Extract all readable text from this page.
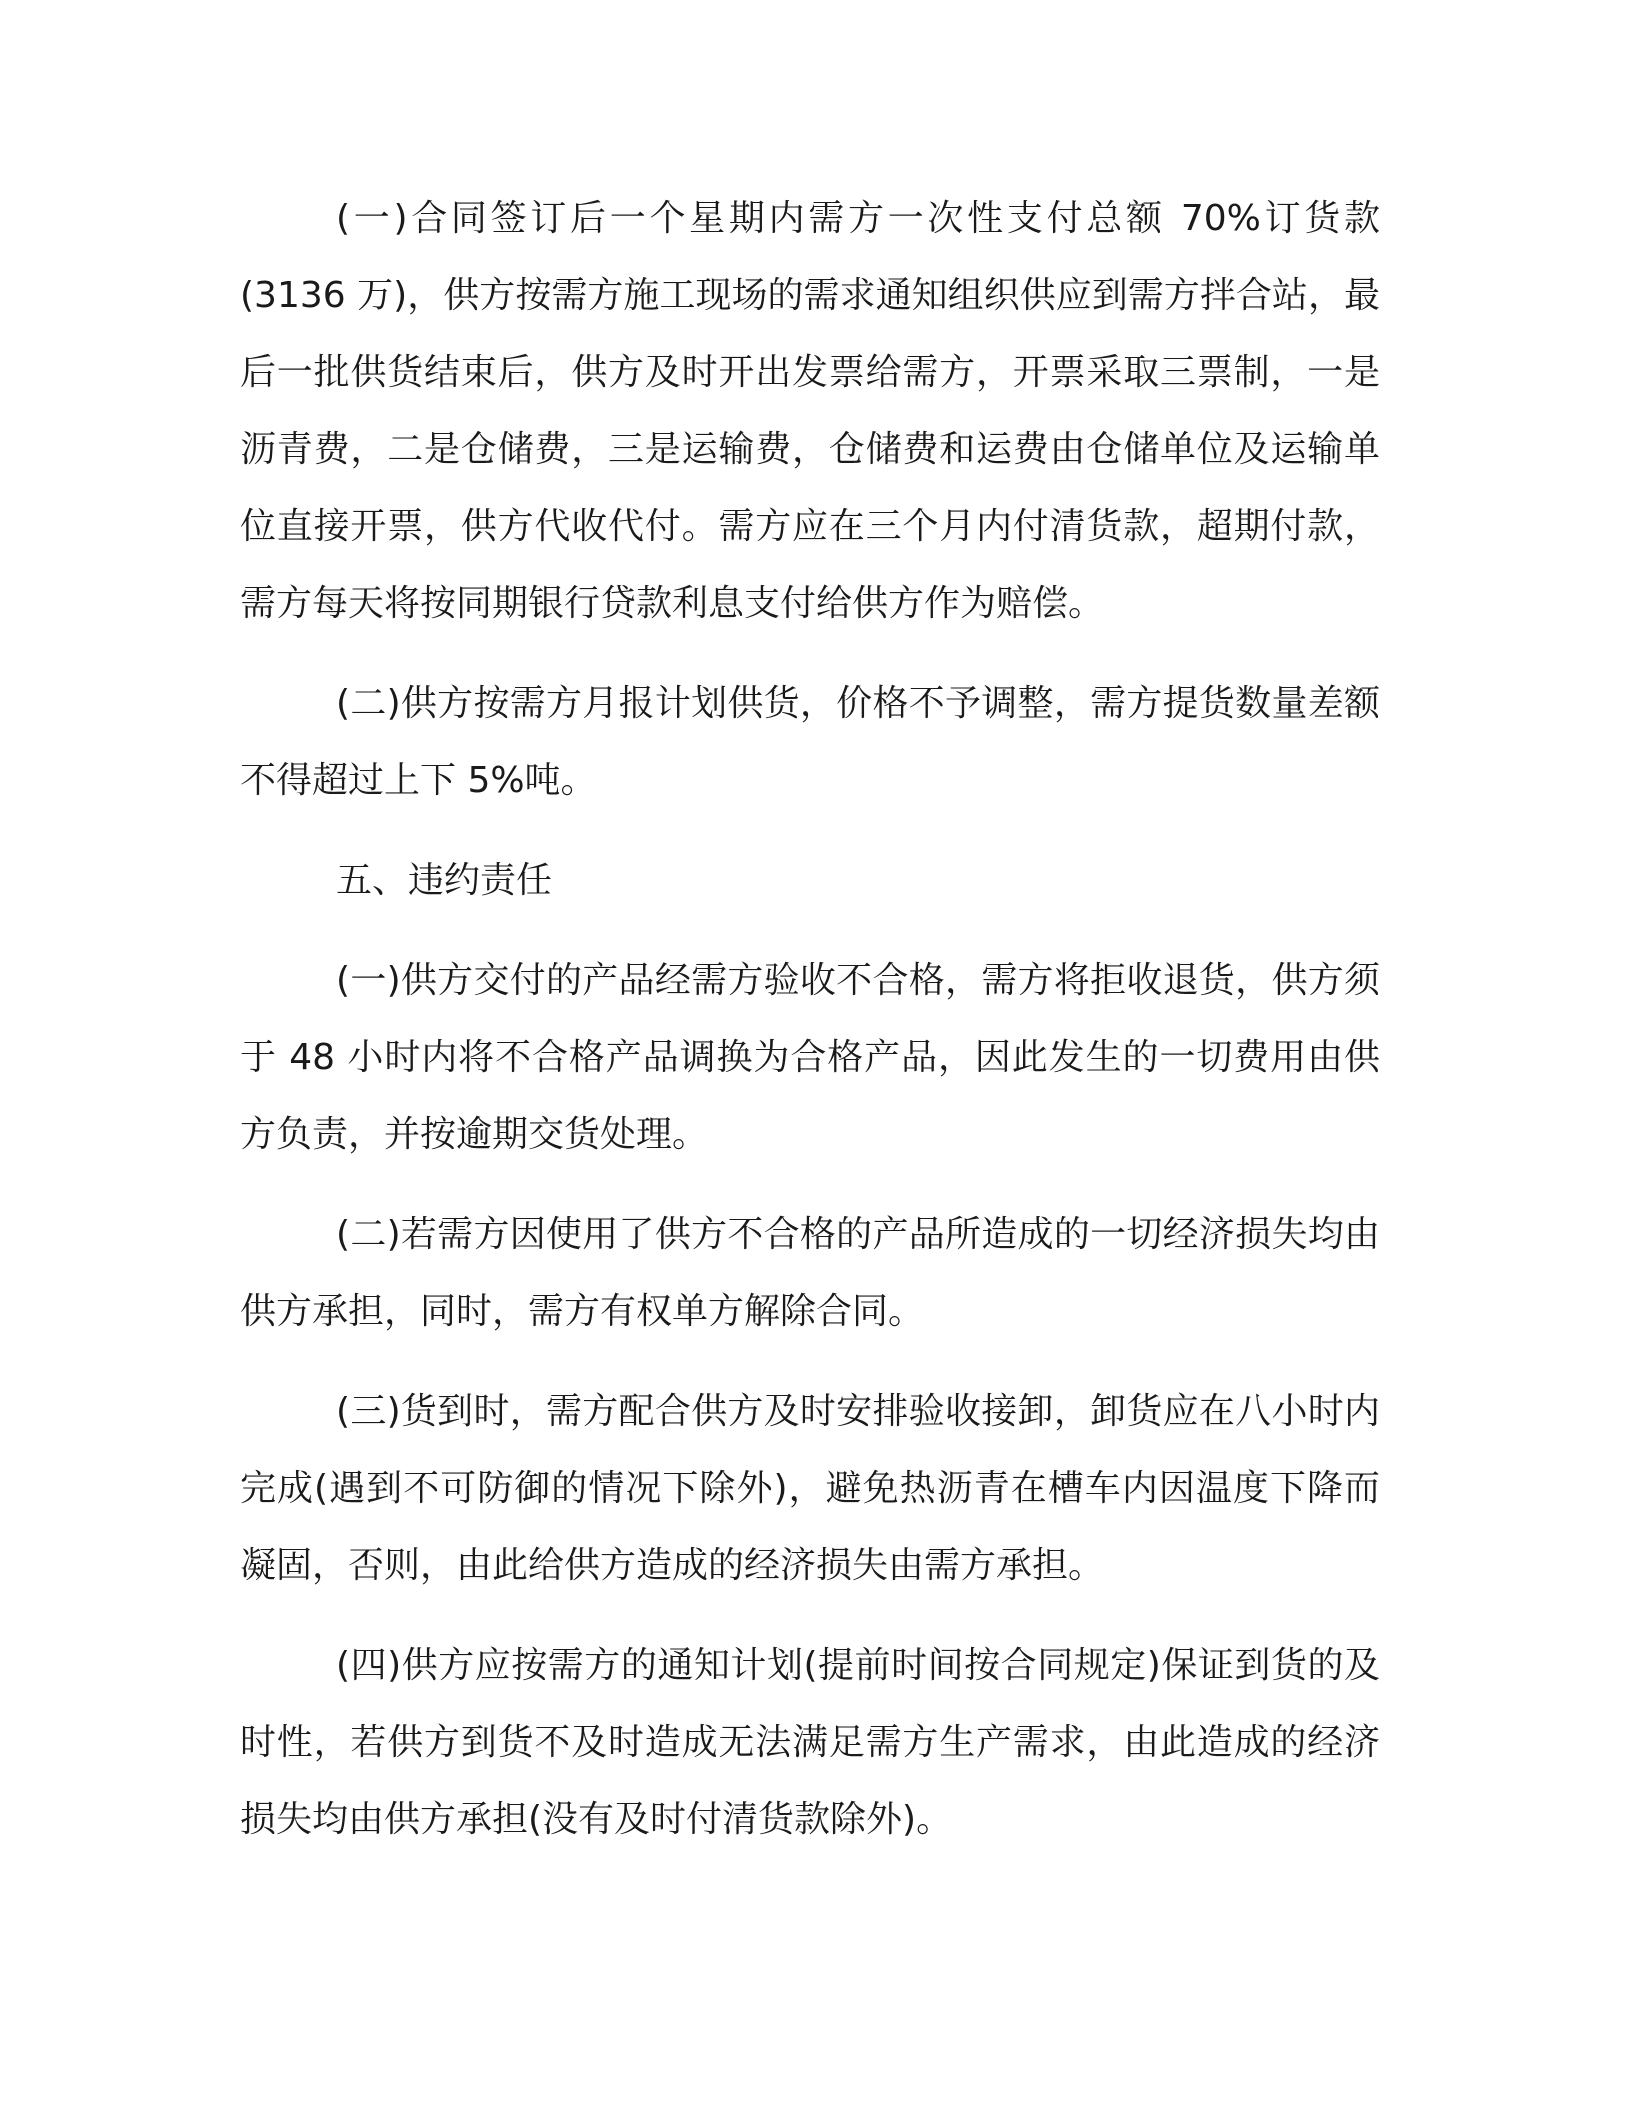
(一)合同签订后一个星期内需方一次性支付总额 70%订货款(3136 万)，供方按需方施工现场的需求通知组织供应到需方拌合站，最后一批供货结束后，供方及时开出发票给需方，开票采取三票制，一是沥青费，二是仓储费，三是运输费，仓储费和运费由仓储单位及运输单位直接开票，供方代收代付。需方应在三个月内付清货款，超期付款，需方每天将按同期银行贷款利息支付给供方作为赔偿。

(二)供方按需方月报计划供货，价格不予调整，需方提货数量差额不得超过上下 5%吨。

五、违约责任

(一)供方交付的产品经需方验收不合格，需方将拒收退货，供方须于 48 小时内将不合格产品调换为合格产品，因此发生的一切费用由供方负责，并按逾期交货处理。

(二)若需方因使用了供方不合格的产品所造成的一切经济损失均由供方承担，同时，需方有权单方解除合同。

(三)货到时，需方配合供方及时安排验收接卸，卸货应在八小时内完成(遇到不可防御的情况下除外)，避免热沥青在槽车内因温度下降而凝固，否则，由此给供方造成的经济损失由需方承担。

(四)供方应按需方的通知计划(提前时间按合同规定)保证到货的及时性，若供方到货不及时造成无法满足需方生产需求，由此造成的经济损失均由供方承担(没有及时付清货款除外)。
